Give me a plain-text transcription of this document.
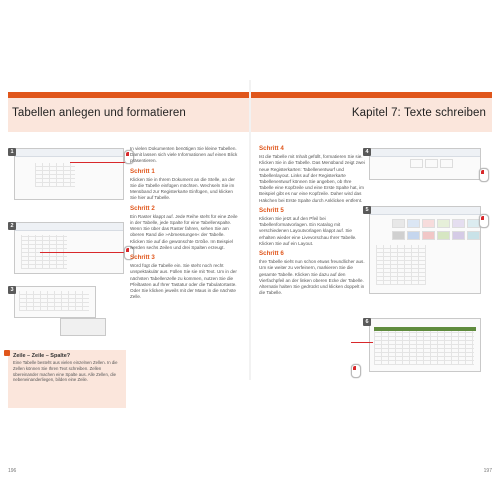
Tabellen anlegen und formatieren
1
2
3

In vielen Dokumenten benötigen Sie kleine Tabellen. Damit lassen sich viele Informationen auf einen Blick präsentieren.

Schritt 1

Klicken Sie in Ihrem Dokument an die Stelle, an der Sie die Tabelle einfügen möchten. Wechseln Sie im Menüband zur Registerkarte Einfügen, und klicken Sie hier auf Tabelle.

Schritt 2

Ein Raster klappt auf. Jede Reihe steht für eine Zeile in der Tabelle, jede Spalte für eine Tabellenspalte. Wenn Sie über das Raster fahren, sehen Sie am oberen Rand die »Abmessungen« der Tabelle. Klicken Sie auf die gewünschte Größe. Im Beispiel werden sechs Zeilen und drei Spalten erzeugt.

Schritt 3

Word fügt die Tabelle ein. Sie steht noch recht unspektakulär aus. Füllen Sie sie mit Text. Um in der nächsten Tabellenzelle zu kommen, nutzen Sie die Pfeiltasten auf Ihrer Tastatur oder die Tabulatortaste. Oder Sie klicken jeweils mit der Maus in die nächste Zelle.

Zeile – Zeile – Spalte?
Eine Tabelle besteht aus vielen einzelnen Zellen. In die Zellen können Sie Ihren Text schreiben. Zellen übereinander machen eine Spalte aus. Alle Zellen, die nebeneinanderliegen, bilden eine Zeile.
196
Kapitel 7: Texte schreiben
Schritt 4

Ist die Tabelle mit Inhalt gefüllt, formatieren Sie sie. Klicken Sie in die Tabelle. Das Menüband zeigt zwei neue Registerkarten: Tabellenentwurf und Tabellenlayout. Links auf der Registerkarte Tabellenentwurf können Sie angeben, ob Ihre Tabelle eine Kopfzeile und eine Erste Spalte hat, im Beispiel gibt es nur eine Kopfzeile. Daher wird das Häkchen bei Erste Spalte durch Anklicken entfernt.

Schritt 5

Klicken Sie jetzt auf den Pfeil bei Tabellenformatvorlagen. Ein Katalog mit verschiedenen Layoutvorlagen klappt auf. Sie erhalten wieder eine Livevorschau Ihrer Tabelle. Klicken Sie auf ein Layout.

Schritt 6

Ihre Tabelle sieht nun schon etwas freundlicher aus. Um sie weiter zu verfeinern, markieren Sie die gesamte Tabelle. Klicken Sie dazu auf den Vierfachpfeil an der linken oberen Ecke der Tabelle. Alternativ halten Sie gedrückt und klicken doppelt in die Tabelle.

4
5
6
197
